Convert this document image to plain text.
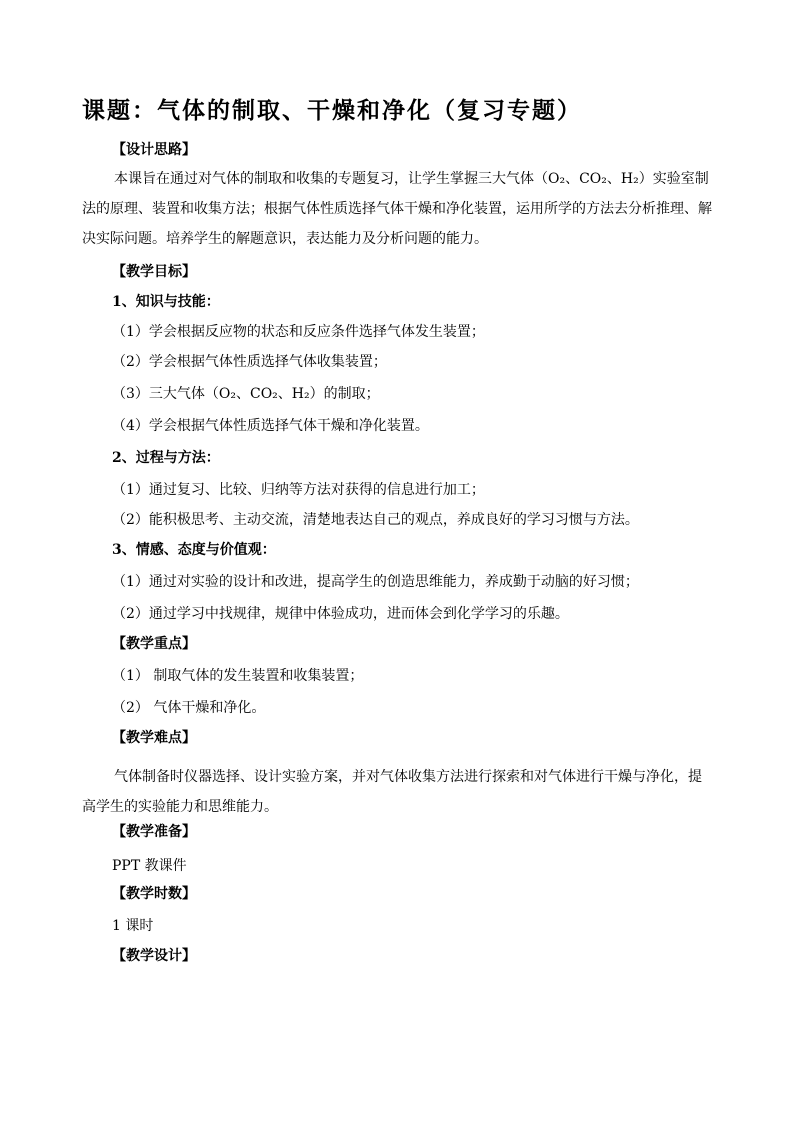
课题：气体的制取、干燥和净化（复习专题）
【设计思路】
本课旨在通过对气体的制取和收集的专题复习，让学生掌握三大气体（O₂、CO₂、H₂）实验室制法的原理、装置和收集方法；根据气体性质选择气体干燥和净化装置，运用所学的方法去分析推理、解决实际问题。培养学生的解题意识，表达能力及分析问题的能力。
【教学目标】
1、知识与技能：
（1）学会根据反应物的状态和反应条件选择气体发生装置；
（2）学会根据气体性质选择气体收集装置；
（3）三大气体（O₂、CO₂、H₂）的制取；
（4）学会根据气体性质选择气体干燥和净化装置。
2、过程与方法：
（1）通过复习、比较、归纳等方法对获得的信息进行加工；
（2）能积极思考、主动交流，清楚地表达自己的观点，养成良好的学习习惯与方法。
3、情感、态度与价值观：
（1）通过对实验的设计和改进，提高学生的创造思维能力，养成勤于动脑的好习惯；
（2）通过学习中找规律，规律中体验成功，进而体会到化学学习的乐趣。
【教学重点】
（1） 制取气体的发生装置和收集装置；
（2） 气体干燥和净化。
【教学难点】
气体制备时仪器选择、设计实验方案，并对气体收集方法进行探索和对气体进行干燥与净化，提高学生的实验能力和思维能力。
【教学准备】
PPT 教课件
【教学时数】
1 课时
【教学设计】
